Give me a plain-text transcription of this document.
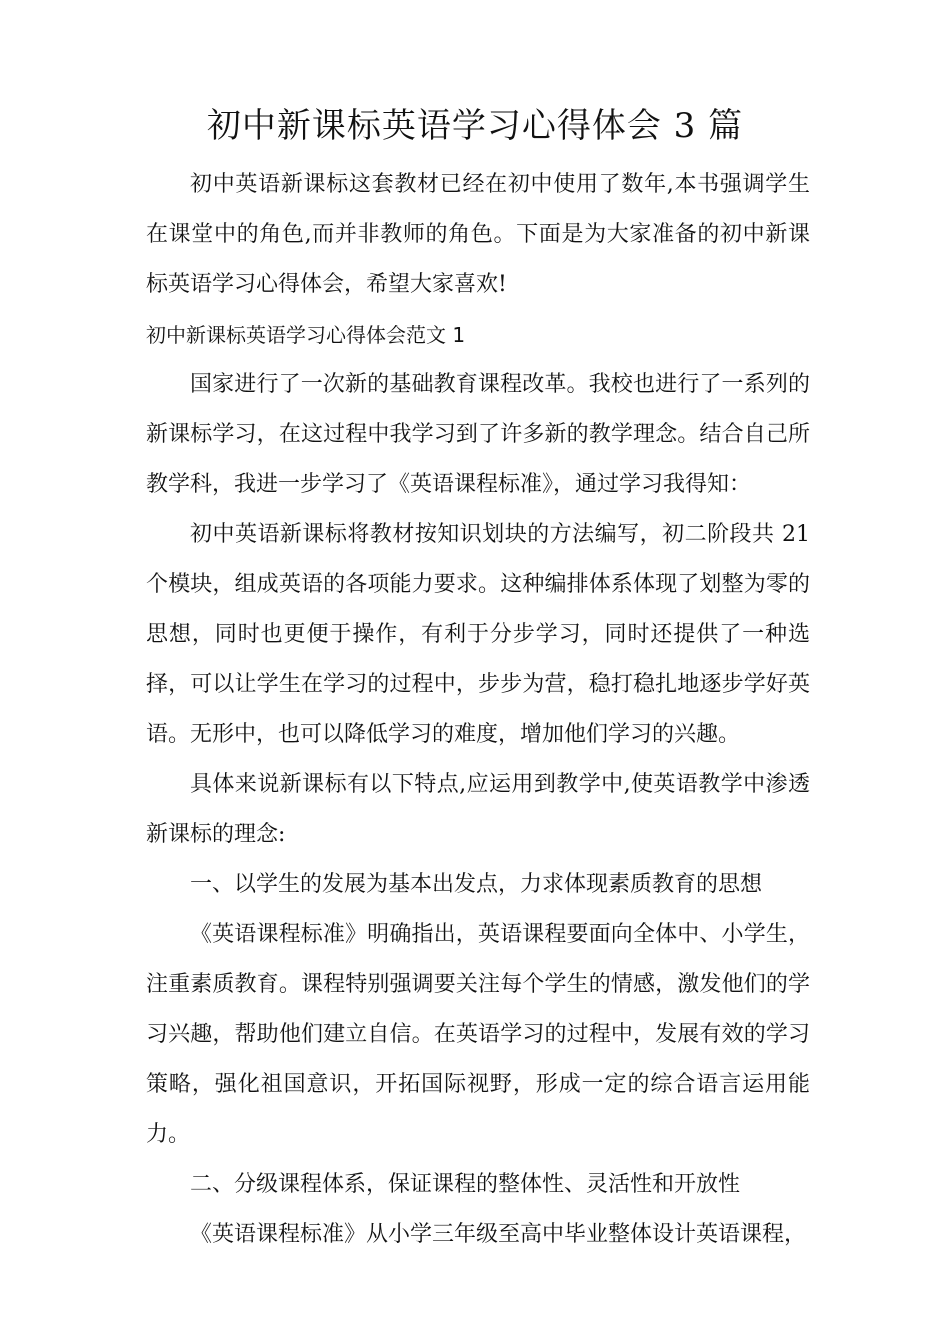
初中新课标英语学习心得体会 3 篇

初中英语新课标这套教材已经在初中使用了数年,本书强调学生在课堂中的角色,而并非教师的角色。下面是为大家准备的初中新课标英语学习心得体会，希望大家喜欢!

初中新课标英语学习心得体会范文 1

国家进行了一次新的基础教育课程改革。我校也进行了一系列的新课标学习，在这过程中我学习到了许多新的教学理念。结合自己所教学科，我进一步学习了《英语课程标准》，通过学习我得知：

初中英语新课标将教材按知识划块的方法编写，初二阶段共 21 个模块，组成英语的各项能力要求。这种编排体系体现了划整为零的思想，同时也更便于操作，有利于分步学习，同时还提供了一种选择，可以让学生在学习的过程中，步步为营，稳打稳扎地逐步学好英语。无形中，也可以降低学习的难度，增加他们学习的兴趣。

具体来说新课标有以下特点,应运用到教学中,使英语教学中渗透新课标的理念:

一、以学生的发展为基本出发点，力求体现素质教育的思想

《英语课程标准》明确指出，英语课程要面向全体中、小学生，注重素质教育。课程特别强调要关注每个学生的情感，激发他们的学习兴趣，帮助他们建立自信。在英语学习的过程中，发展有效的学习策略，强化祖国意识，开拓国际视野，形成一定的综合语言运用能力。

二、分级课程体系，保证课程的整体性、灵活性和开放性

《英语课程标准》从小学三年级至高中毕业整体设计英语课程，
